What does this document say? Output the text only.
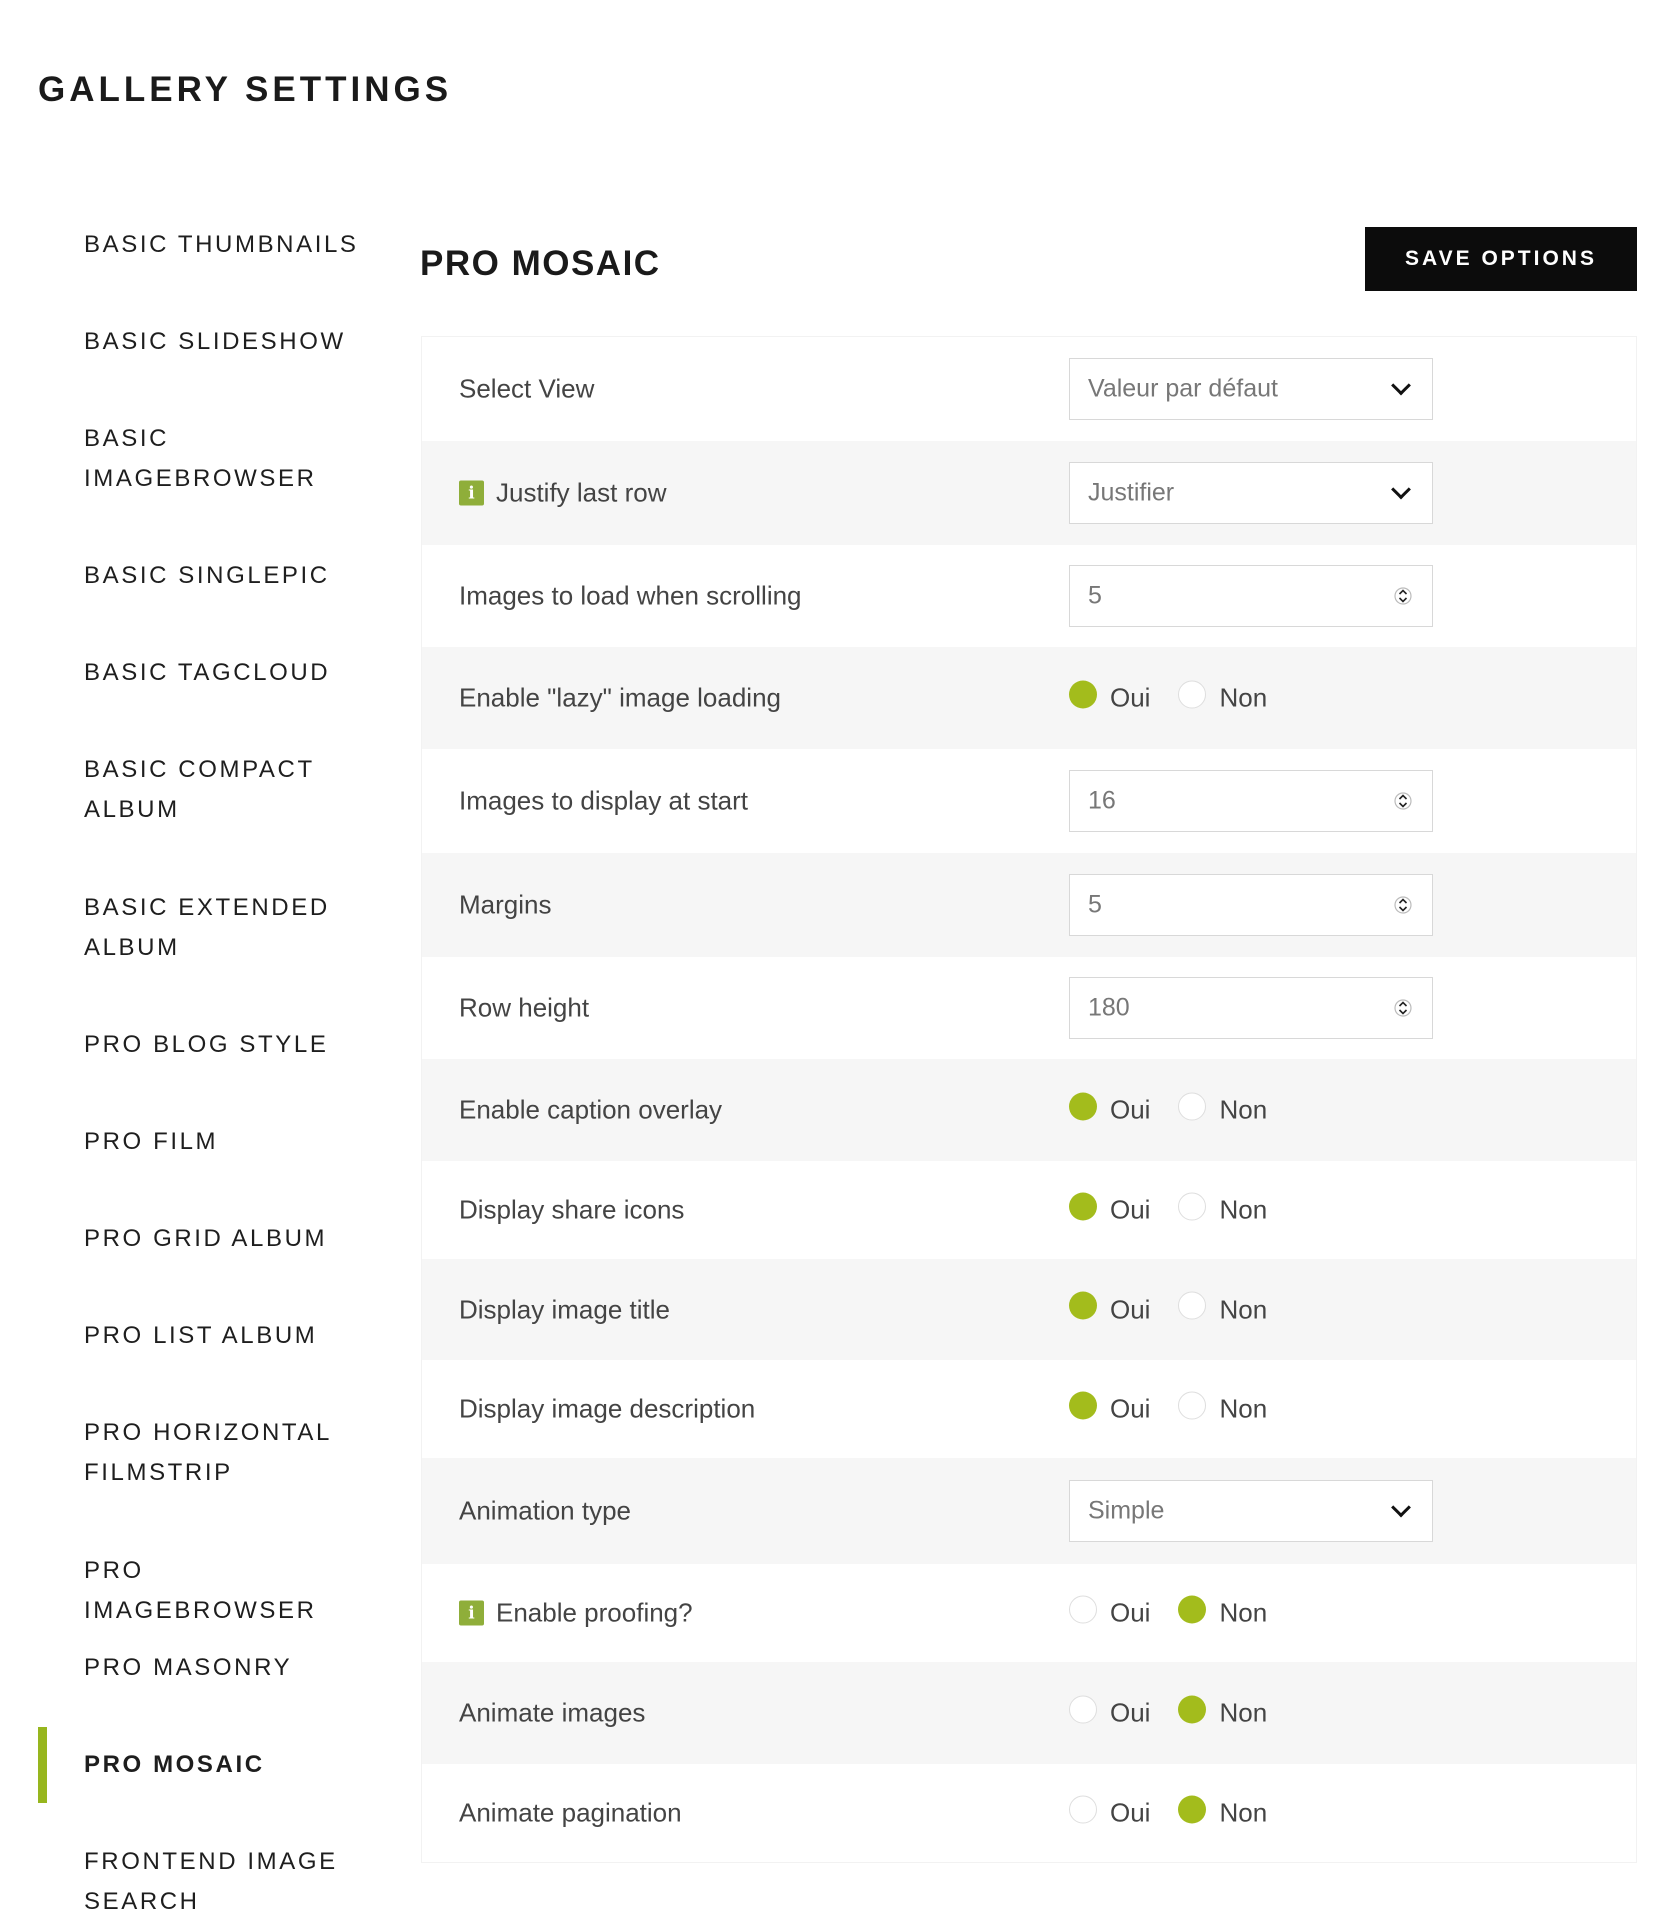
GALLERY SETTINGS
BASIC THUMBNAILS
BASIC SLIDESHOW
BASIC IMAGEBROWSER
BASIC SINGLEPIC
BASIC TAGCLOUD
BASIC COMPACT ALBUM
BASIC EXTENDED ALBUM
PRO BLOG STYLE
PRO FILM
PRO GRID ALBUM
PRO LIST ALBUM
PRO HORIZONTAL FILMSTRIP
PRO IMAGEBROWSER
PRO MASONRY
PRO MOSAIC
FRONTEND IMAGE SEARCH
PRO MOSAIC	SAVE OPTIONS
Select View	Valeur par défaut
i Justify last row	Justifier
Images to load when scrolling	5
Enable "lazy" image loading	Oui	Non
Images to display at start	16
Margins	5
Row height	180
Enable caption overlay	Oui	Non
Display share icons	Oui	Non
Display image title	Oui	Non
Display image description	Oui	Non
Animation type	Simple
i Enable proofing?	Oui	Non
Animate images	Oui	Non
Animate pagination	Oui	Non
